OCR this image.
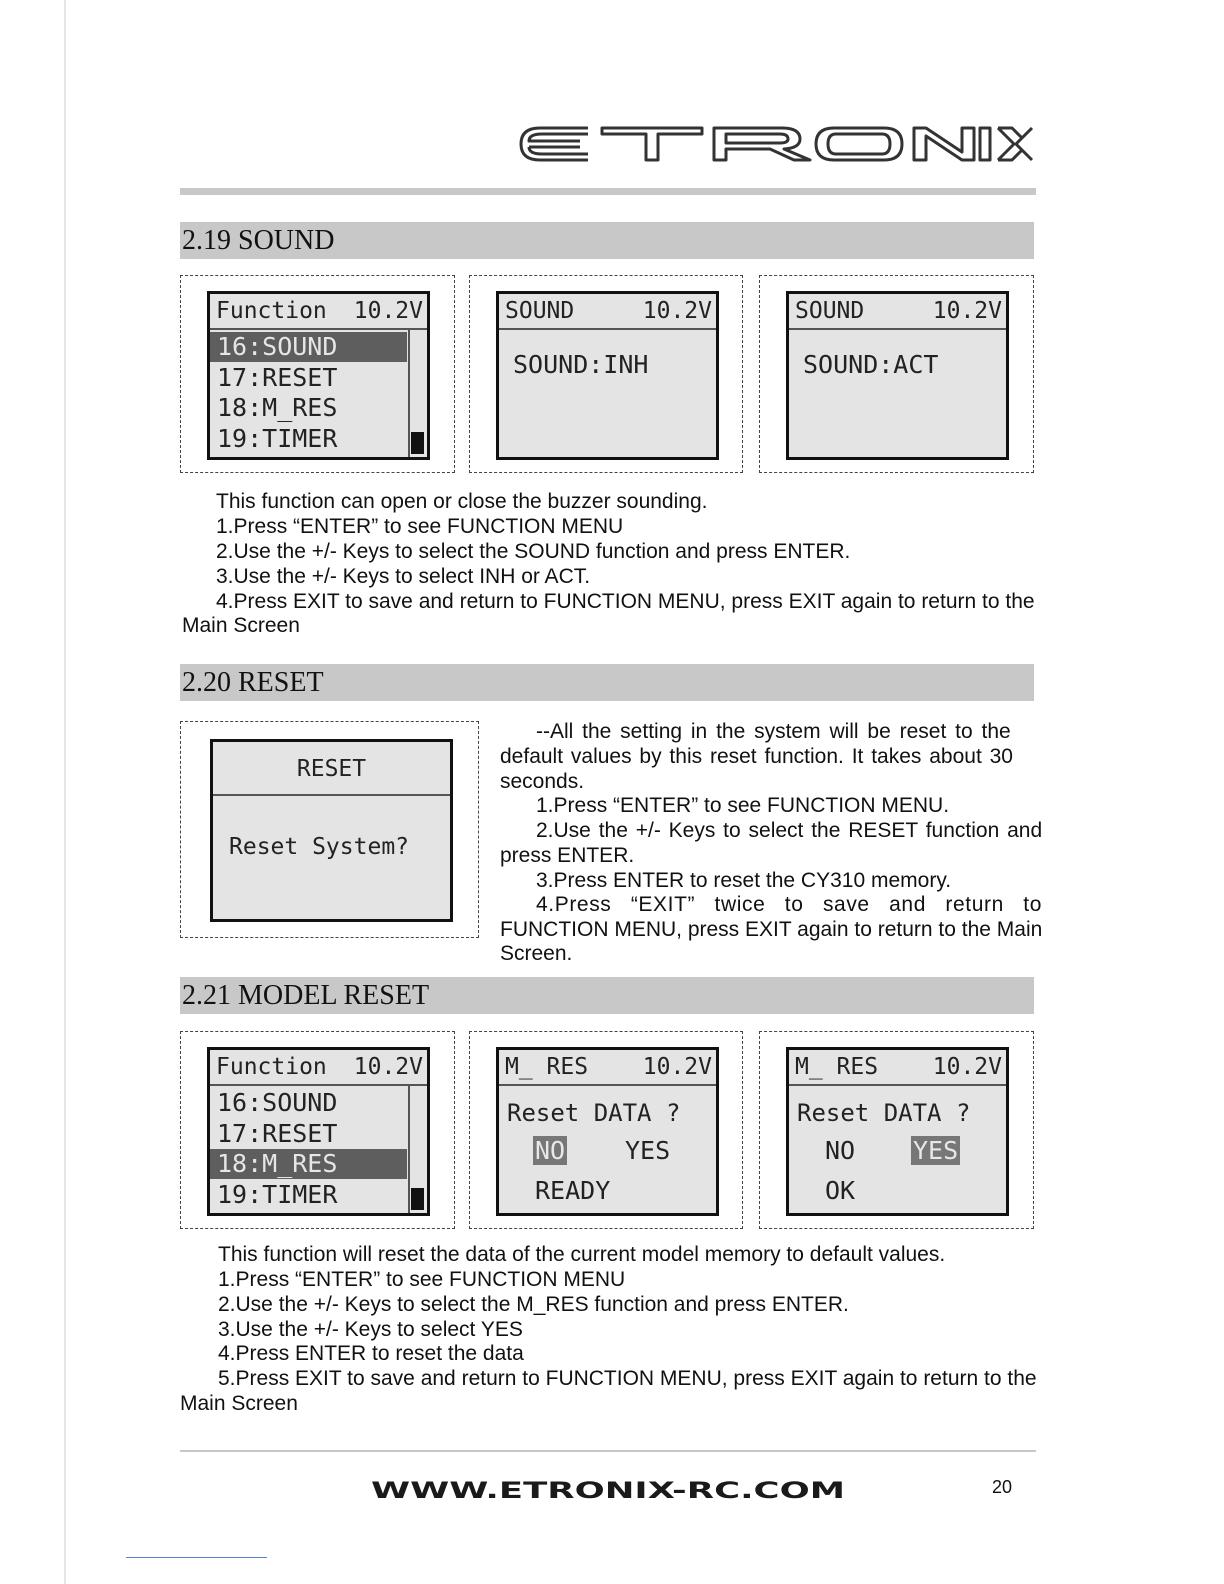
2.19 SOUND
Function 10.2V
16:SOUND
17:RESET
18:M_RES
19:TIMER
SOUND	10.2V
SOUND:INH
SOUND	10.2V
SOUND:ACT
This function can open or close the buzzer sounding.
1.Press “ENTER” to see FUNCTION MENU
2.Use the +/- Keys to select the SOUND function and press ENTER.
3.Use the +/- Keys to select INH or ACT.
4.Press EXIT to save and return to FUNCTION MENU, press EXIT again to return to the
Main Screen
2.20 RESET
RESET
Reset System?
--All the setting in the system will be reset to the
default values by this reset function. It takes about 30
seconds.
1.Press “ENTER” to see FUNCTION MENU.
2.Use the +/- Keys to select the RESET function and
press ENTER.
3.Press ENTER to reset the CY310 memory.
4.Press “EXIT” twice to save and return to
FUNCTION MENU, press EXIT again to return to the Main
Screen.
2.21 MODEL RESET
Function 10.2V
16:SOUND
17:RESET
18:M_RES
19:TIMER
M_ RES 10.2V
Reset DATA ?
NO YES
READY
M_ RES 10.2V
Reset DATA ?
NO YES
OK
This function will reset the data of the current model memory to default values.
1.Press “ENTER” to see FUNCTION MENU
2.Use the +/- Keys to select the M_RES function and press ENTER.
3.Use the +/- Keys to select YES
4.Press ENTER to reset the data
5.Press EXIT to save and return to FUNCTION MENU, press EXIT again to return to the
Main Screen
WWW.ETRONIX-RC.COM	20
